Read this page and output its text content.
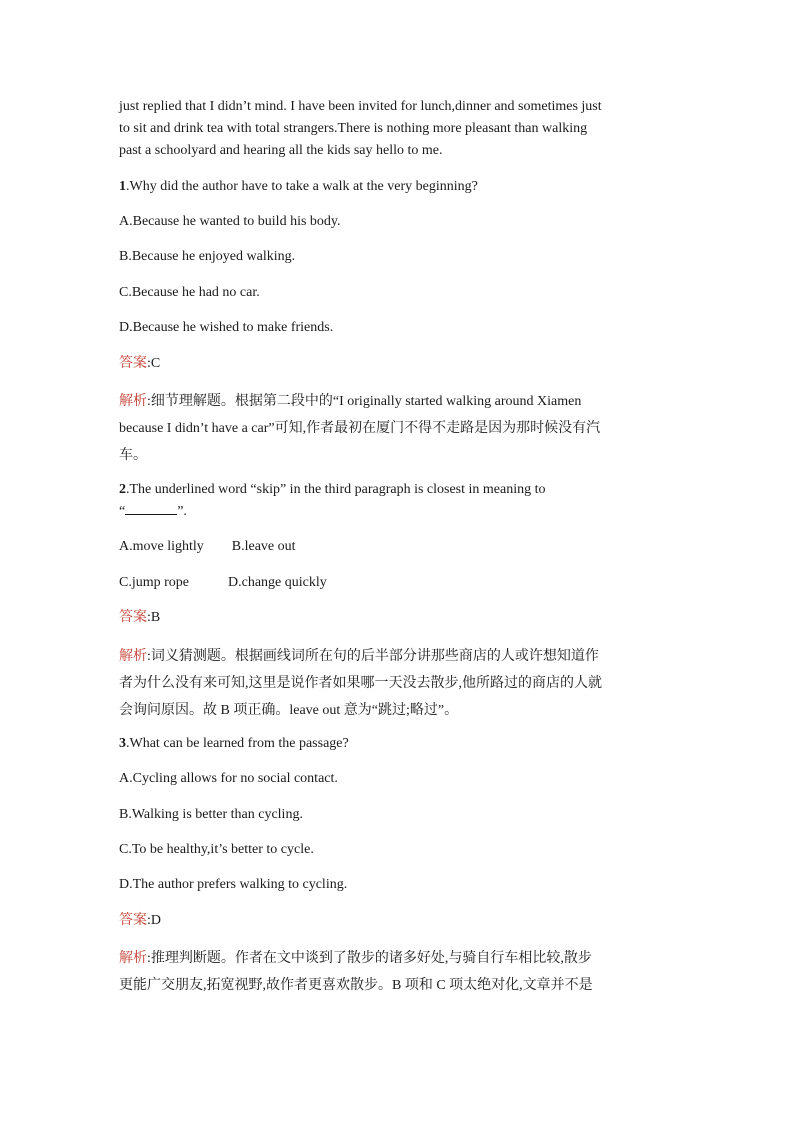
just replied that I didn’t mind. I have been invited for lunch,dinner and sometimes just
to sit and drink tea with total strangers.There is nothing more pleasant than walking
past a schoolyard and hearing all the kids say hello to me.
1.Why did the author have to take a walk at the very beginning?
A.Because he wanted to build his body.
B.Because he enjoyed walking.
C.Because he had no car.
D.Because he wished to make friends.
答案:C
解析:细节理解题。根据第二段中的“I originally started walking around Xiamen
because I didn’t have a car”可知,作者最初在厦门不得不走路是因为那时候没有汽
车。
2.The underlined word “skip” in the third paragraph is closest in meaning to
“	”.
A.move lightly B.leave out
C.jump rope	D.change quickly
答案:B
解析:词义猜测题。根据画线词所在句的后半部分讲那些商店的人或许想知道作
者为什么没有来可知,这里是说作者如果哪一天没去散步,他所路过的商店的人就
会询问原因。故 B 项正确。leave out 意为“跳过;略过”。
3.What can be learned from the passage?
A.Cycling allows for no social contact.
B.Walking is better than cycling.
C.To be healthy,it’s better to cycle.
D.The author prefers walking to cycling.
答案:D
解析:推理判断题。作者在文中谈到了散步的诸多好处,与骑自行车相比较,散步
更能广交朋友,拓宽视野,故作者更喜欢散步。B 项和 C 项太绝对化,文章并不是
